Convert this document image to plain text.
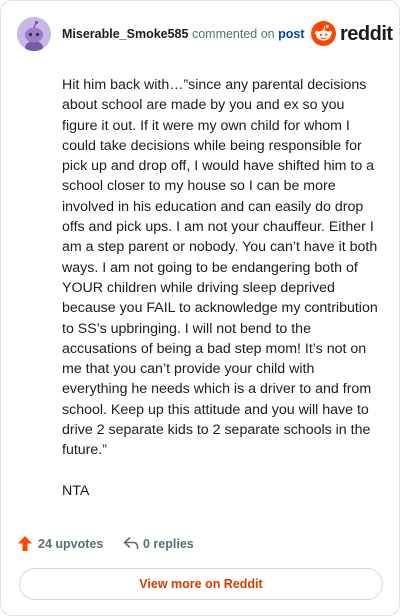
Miserable_Smoke585 commented on post reddit

Hit him back with…”since any parental decisions about school are made by you and ex so you figure it out. If it were my own child for whom I could take decisions while being responsible for pick up and drop off, I would have shifted him to a school closer to my house so I can be more involved in his education and can easily do drop offs and pick ups. I am not your chauffeur. Either I am a step parent or nobody. You can’t have it both ways. I am not going to be endangering both of YOUR children while driving sleep deprived because you FAIL to acknowledge my contribution to SS’s upbringing. I will not bend to the accusations of being a bad step mom! It’s not on me that you can’t provide your child with everything he needs which is a driver to and from school. Keep up this attitude and you will have to drive 2 separate kids to 2 separate schools in the future.”

NTA

24 upvotes	0 replies
View more on Reddit
